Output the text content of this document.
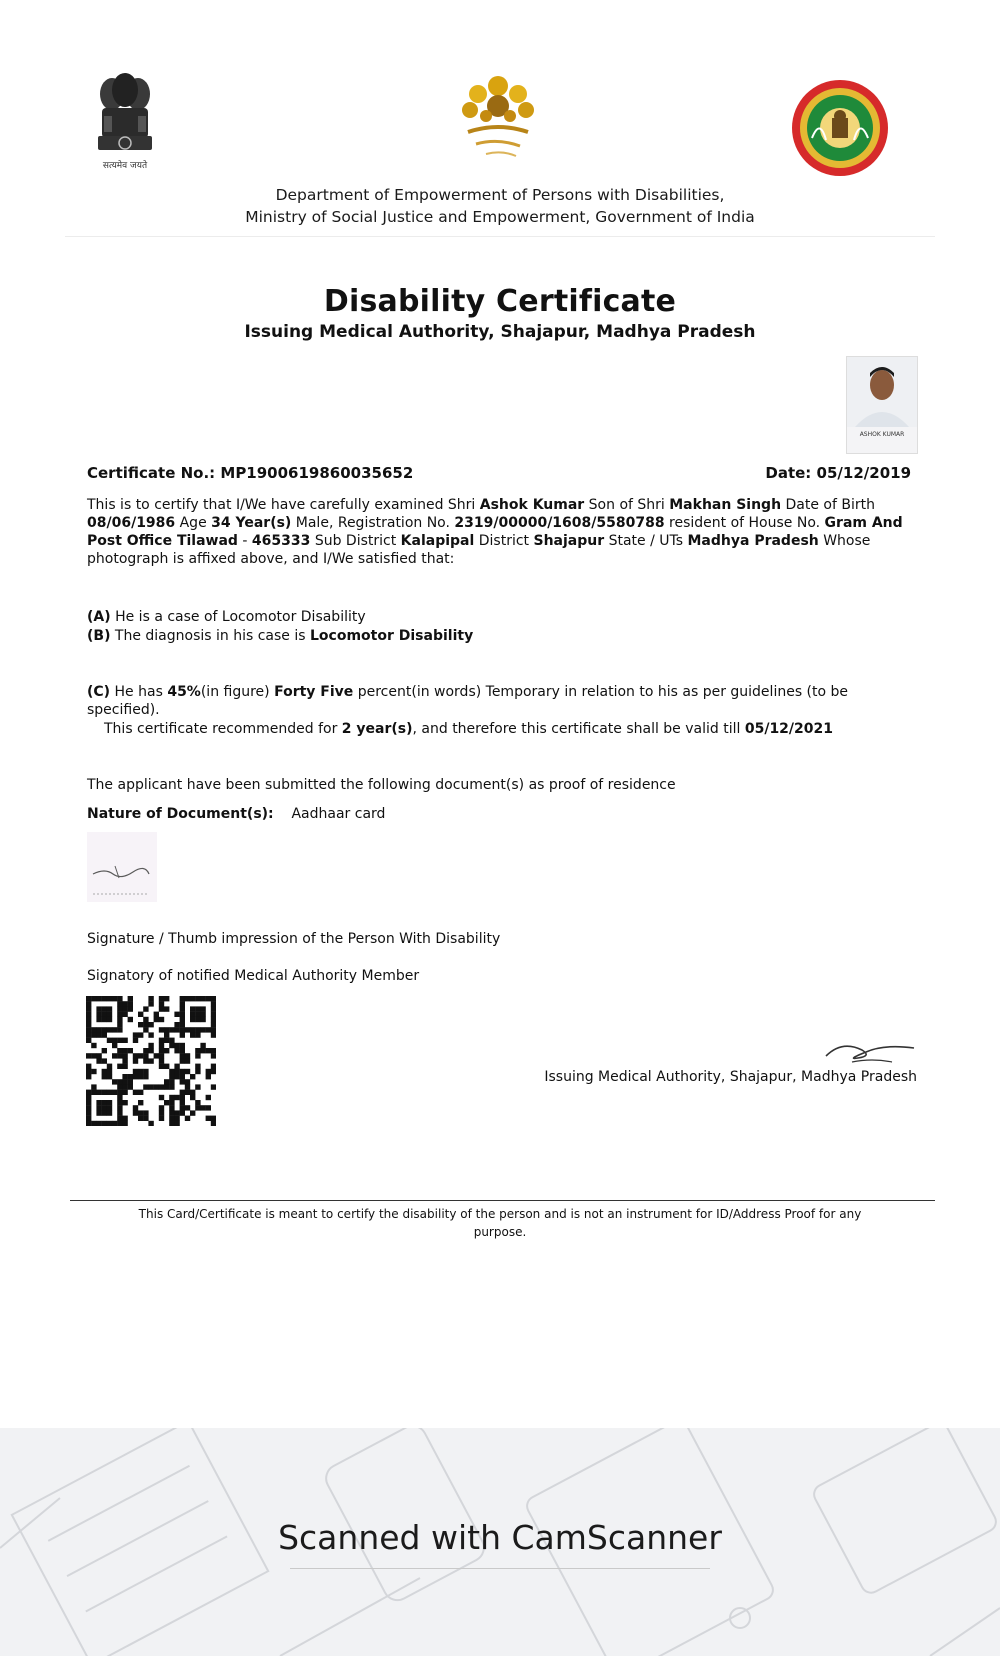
सत्यमेव जयते
Department of Empowerment of Persons with Disabilities,
Ministry of Social Justice and Empowerment, Government of India
Disability Certificate
Issuing Medical Authority, Shajapur, Madhya Pradesh
ASHOK KUMAR
Certificate No.: MP1900619860035652	Date: 05/12/2019
This is to certify that I/We have carefully examined Shri Ashok Kumar Son of Shri Makhan Singh Date of Birth 08/06/1986 Age 34 Year(s) Male, Registration No. 2319/00000/1608/5580788 resident of House No. Gram And Post Office Tilawad - 465333 Sub District Kalapipal District Shajapur State / UTs Madhya Pradesh Whose photograph is affixed above, and I/We satisfied that:
(A) He is a case of Locomotor Disability
(B) The diagnosis in his case is Locomotor Disability
(C) He has 45%(in figure) Forty Five percent(in words) Temporary in relation to his as per guidelines (to be specified).
This certificate recommended for 2 year(s), and therefore this certificate shall be valid till 05/12/2021
The applicant have been submitted the following document(s) as proof of residence
Nature of Document(s): Aadhaar card
Signature / Thumb impression of the Person With Disability
Signatory of notified Medical Authority Member
Issuing Medical Authority, Shajapur, Madhya Pradesh
This Card/Certificate is meant to certify the disability of the person and is not an instrument for ID/Address Proof for any
purpose.
Scanned with CamScanner
